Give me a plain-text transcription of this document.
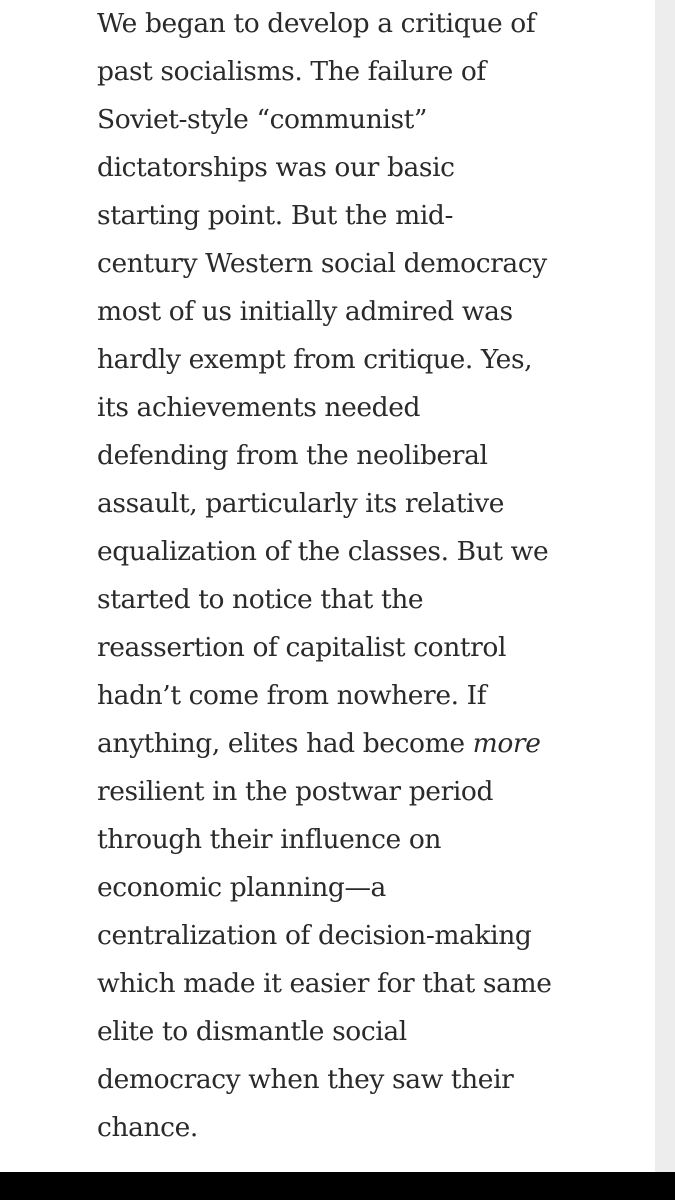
We began to develop a critique of
past socialisms. The failure of
Soviet-style “communist”
dictatorships was our basic
starting point. But the mid-
century Western social democracy
most of us initially admired was
hardly exempt from critique. Yes,
its achievements needed
defending from the neoliberal
assault, particularly its relative
equalization of the classes. But we
started to notice that the
reassertion of capitalist control
hadn’t come from nowhere. If
anything, elites had become more
resilient in the postwar period
through their influence on
economic planning—a
centralization of decision-making
which made it easier for that same
elite to dismantle social
democracy when they saw their
chance.
